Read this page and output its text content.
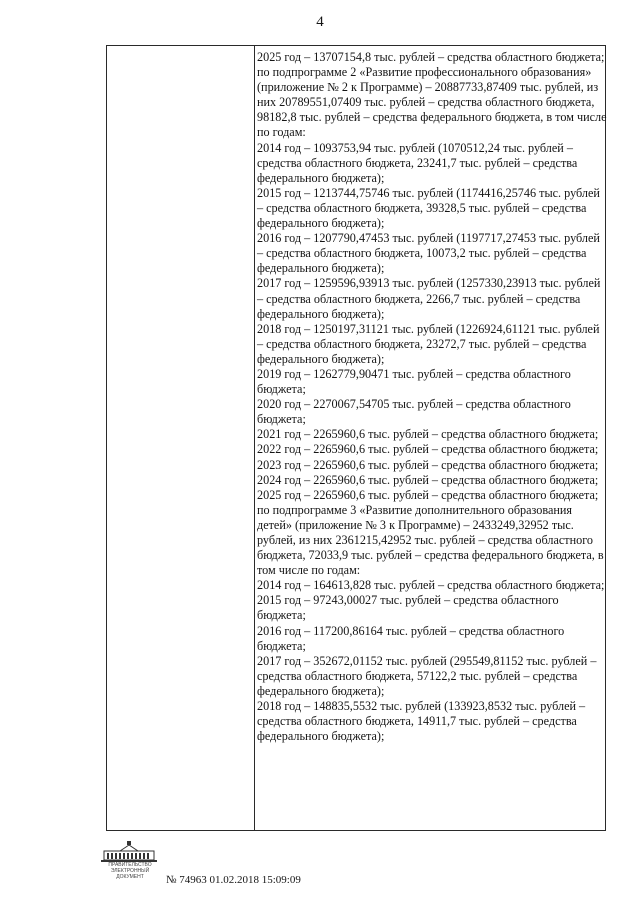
4

2025 год – 13707154,8 тыс. рублей – средства областного бюджета;

по подпрограмме 2 «Развитие профессионального образования» (приложение № 2 к Программе) – 20887733,87409 тыс. рублей, из них 20789551,07409 тыс. рублей – средства областного бюджета, 98182,8 тыс. рублей – средства федерального бюджета, в том числе по годам:

2014 год – 1093753,94 тыс. рублей (1070512,24 тыс. рублей – средства областного бюджета, 23241,7 тыс. рублей – средства федерального бюджета);

2015 год – 1213744,75746 тыс. рублей (1174416,25746 тыс. рублей – средства областного бюджета, 39328,5 тыс. рублей – средства федерального бюджета);

2016 год – 1207790,47453 тыс. рублей (1197717,27453 тыс. рублей – средства областного бюджета, 10073,2 тыс. рублей – средства федерального бюджета);

2017 год – 1259596,93913 тыс. рублей (1257330,23913 тыс. рублей – средства областного бюджета, 2266,7 тыс. рублей – средства федерального бюджета);

2018 год – 1250197,31121 тыс. рублей (1226924,61121 тыс. рублей – средства областного бюджета, 23272,7 тыс. рублей – средства федерального бюджета);

2019 год – 1262779,90471 тыс. рублей – средства областного бюджета;

2020 год – 2270067,54705 тыс. рублей – средства областного бюджета;

2021 год – 2265960,6 тыс. рублей – средства областного бюджета;

2022 год – 2265960,6 тыс. рублей – средства областного бюджета;

2023 год – 2265960,6 тыс. рублей – средства областного бюджета;

2024 год – 2265960,6 тыс. рублей – средства областного бюджета;

2025 год – 2265960,6 тыс. рублей – средства областного бюджета;

по подпрограмме 3 «Развитие дополнительного образования детей» (приложение № 3 к Программе) – 2433249,32952 тыс. рублей, из них 2361215,42952 тыс. рублей – средства областного бюджета, 72033,9 тыс. рублей – средства федерального бюджета, в том числе по годам:

2014 год – 164613,828 тыс. рублей – средства областного бюджета;

2015 год – 97243,00027 тыс. рублей – средства областного бюджета;

2016 год – 117200,86164 тыс. рублей – средства областного бюджета;

2017 год – 352672,01152 тыс. рублей (295549,81152 тыс. рублей – средства областного бюджета, 57122,2 тыс. рублей – средства федерального бюджета);

2018 год – 148835,5532 тыс. рублей (133923,8532 тыс. рублей – средства областного бюджета, 14911,7 тыс. рублей – средства федерального бюджета);

ПРАВИТЕЛЬСТВО
ЭЛЕКТРОННЫЙ ДОКУМЕНТ	№ 74963 01.02.2018 15:09:09
